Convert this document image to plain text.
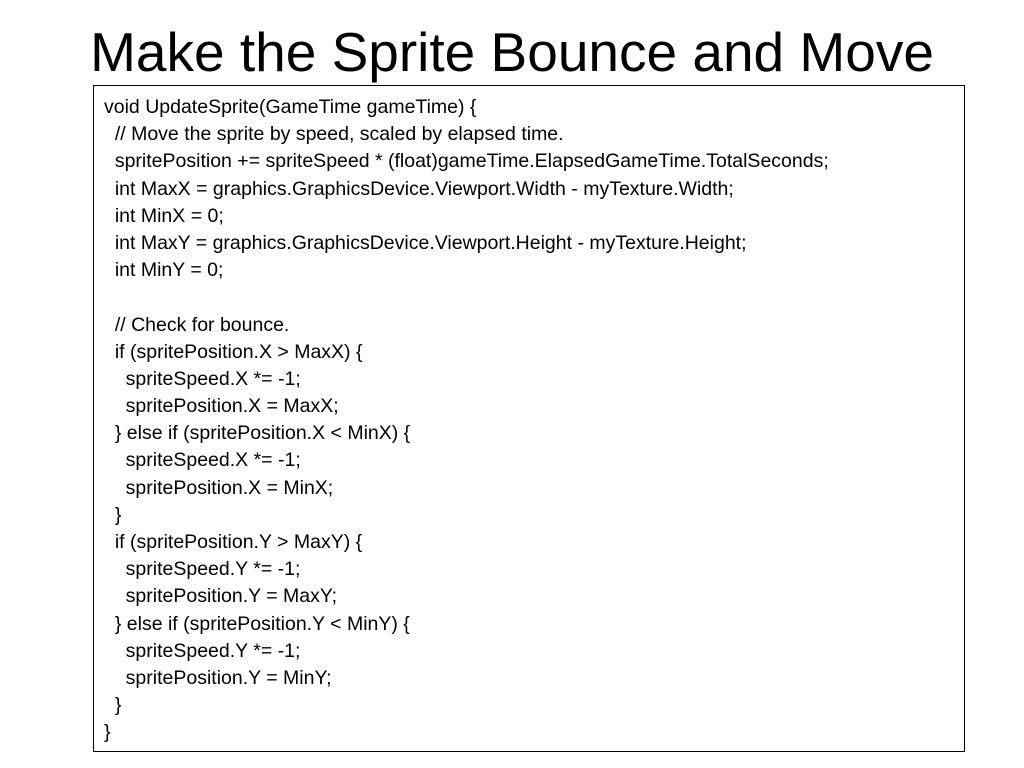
Make the Sprite Bounce and Move
void UpdateSprite(GameTime gameTime) {
// Move the sprite by speed, scaled by elapsed time.
spritePosition += spriteSpeed * (float)gameTime.ElapsedGameTime.TotalSeconds;
int MaxX = graphics.GraphicsDevice.Viewport.Width - myTexture.Width;
int MinX = 0;
int MaxY = graphics.GraphicsDevice.Viewport.Height - myTexture.Height;
int MinY = 0;
// Check for bounce.
if (spritePosition.X > MaxX) {
spriteSpeed.X *= -1;
spritePosition.X = MaxX;
} else if (spritePosition.X < MinX) {
spriteSpeed.X *= -1;
spritePosition.X = MinX;
}
if (spritePosition.Y > MaxY) {
spriteSpeed.Y *= -1;
spritePosition.Y = MaxY;
} else if (spritePosition.Y < MinY) {
spriteSpeed.Y *= -1;
spritePosition.Y = MinY;
}
}
